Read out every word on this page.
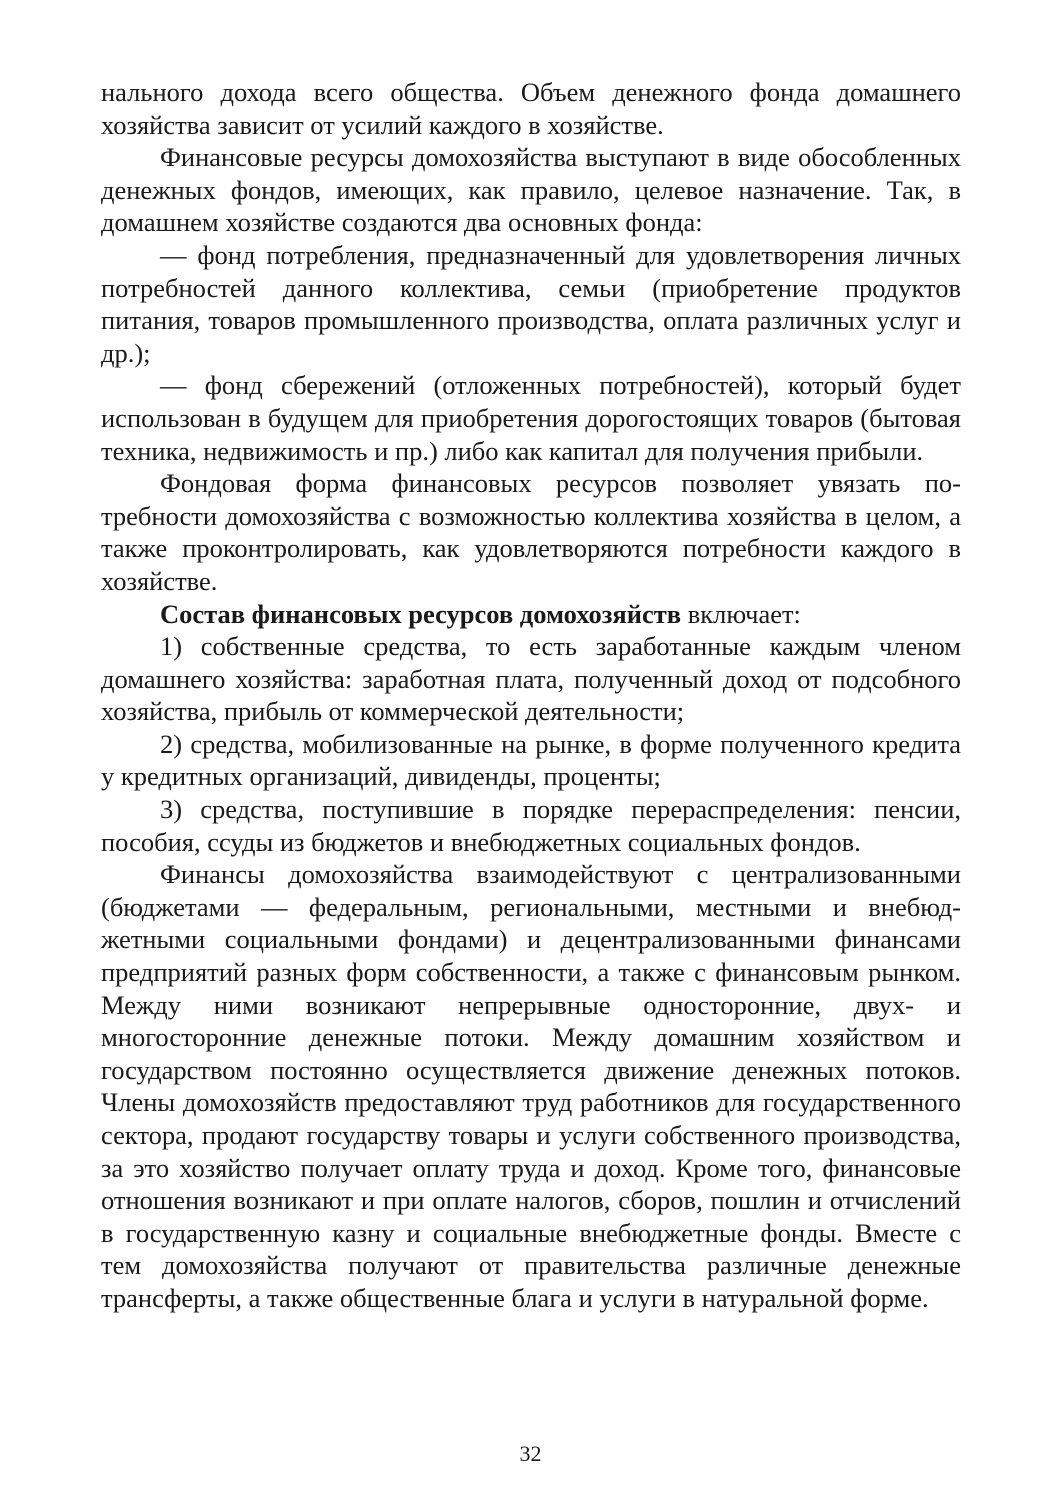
нального дохода всего общества. Объем денежного фонда домашнего хозяйства зависит от усилий каждого в хозяйстве.

Финансовые ресурсы домохозяйства выступают в виде обособленных денежных фондов, имеющих, как правило, целевое назначение. Так, в домашнем хозяйстве создаются два основных фонда:

— фонд потребления, предназначенный для удовлетворения личных потребностей данного коллектива, семьи (приобретение продуктов питания, товаров промышленного производства, оплата различных услуг и др.);

— фонд сбережений (отложенных потребностей), который будет использован в будущем для приобретения дорогостоящих товаров (бытовая техника, недвижимость и пр.) либо как капитал для получения прибыли.

Фондовая форма финансовых ресурсов позволяет увязать потребности домохозяйства с возможностью коллектива хозяйства в целом, а также проконтролировать, как удовлетворяются потребности каждого в хозяйстве.

Состав финансовых ресурсов домохозяйств включает:

1) собственные средства, то есть заработанные каждым членом домашнего хозяйства: заработная плата, полученный доход от подсобного хозяйства, прибыль от коммерческой деятельности;

2) средства, мобилизованные на рынке, в форме полученного кредита у кредитных организаций, дивиденды, проценты;

3) средства, поступившие в порядке перераспределения: пенсии, пособия, ссуды из бюджетов и внебюджетных социальных фондов.

Финансы домохозяйства взаимодействуют с централизованными (бюджетами — федеральным, региональными, местными и внебюджетными социальными фондами) и децентрализованными финансами предприятий разных форм собственности, а также с финансовым рынком. Между ними возникают непрерывные односторонние, двух- и многосторонние денежные потоки. Между домашним хозяйством и государством постоянно осуществляется движение денежных потоков. Члены домохозяйств предоставляют труд работников для государственного сектора, продают государству товары и услуги собственного производства, за это хозяйство получает оплату труда и доход. Кроме того, финансовые отношения возникают и при оплате налогов, сборов, пошлин и отчислений в государственную казну и социальные внебюджетные фонды. Вместе с тем домохозяйства получают от правительства различные денежные трансферты, а также общественные блага и услуги в натуральной форме.

32
